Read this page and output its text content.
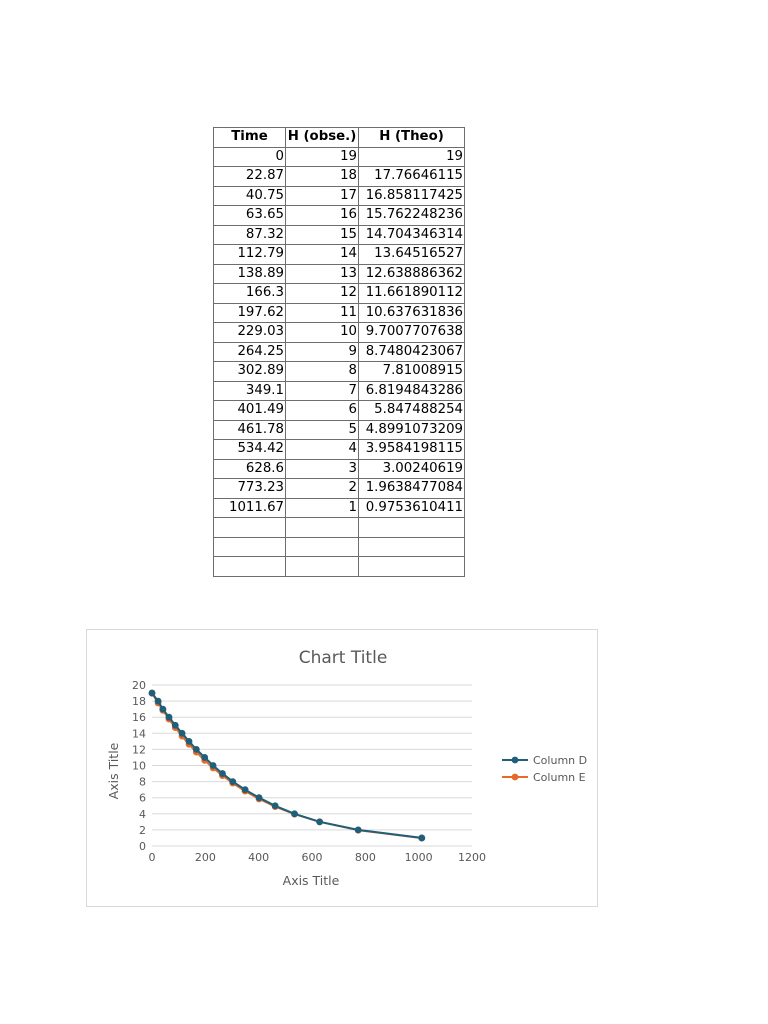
Time	H (obse.)	H (Theo)
0	19	19
22.87	18	17.76646115
40.75	17	16.858117425
63.65	16	15.762248236
87.32	15	14.704346314
112.79	14	13.64516527
138.89	13	12.638886362
166.3	12	11.661890112
197.62	11	10.637631836
229.03	10	9.7007707638
264.25	9	8.7480423067
302.89	8	7.81008915
349.1	7	6.8194843286
401.49	6	5.847488254
461.78	5	4.8991073209
534.42	4	3.9584198115
628.6	3	3.00240619
773.23	2	1.9638477084
1011.67	1	0.9753610411

Chart Title
0
2
4
6
8
10
12
14
16
18
20
0	200	400	600	800	1000 1200
Axis Title
Axis Title
Column D
Column E
